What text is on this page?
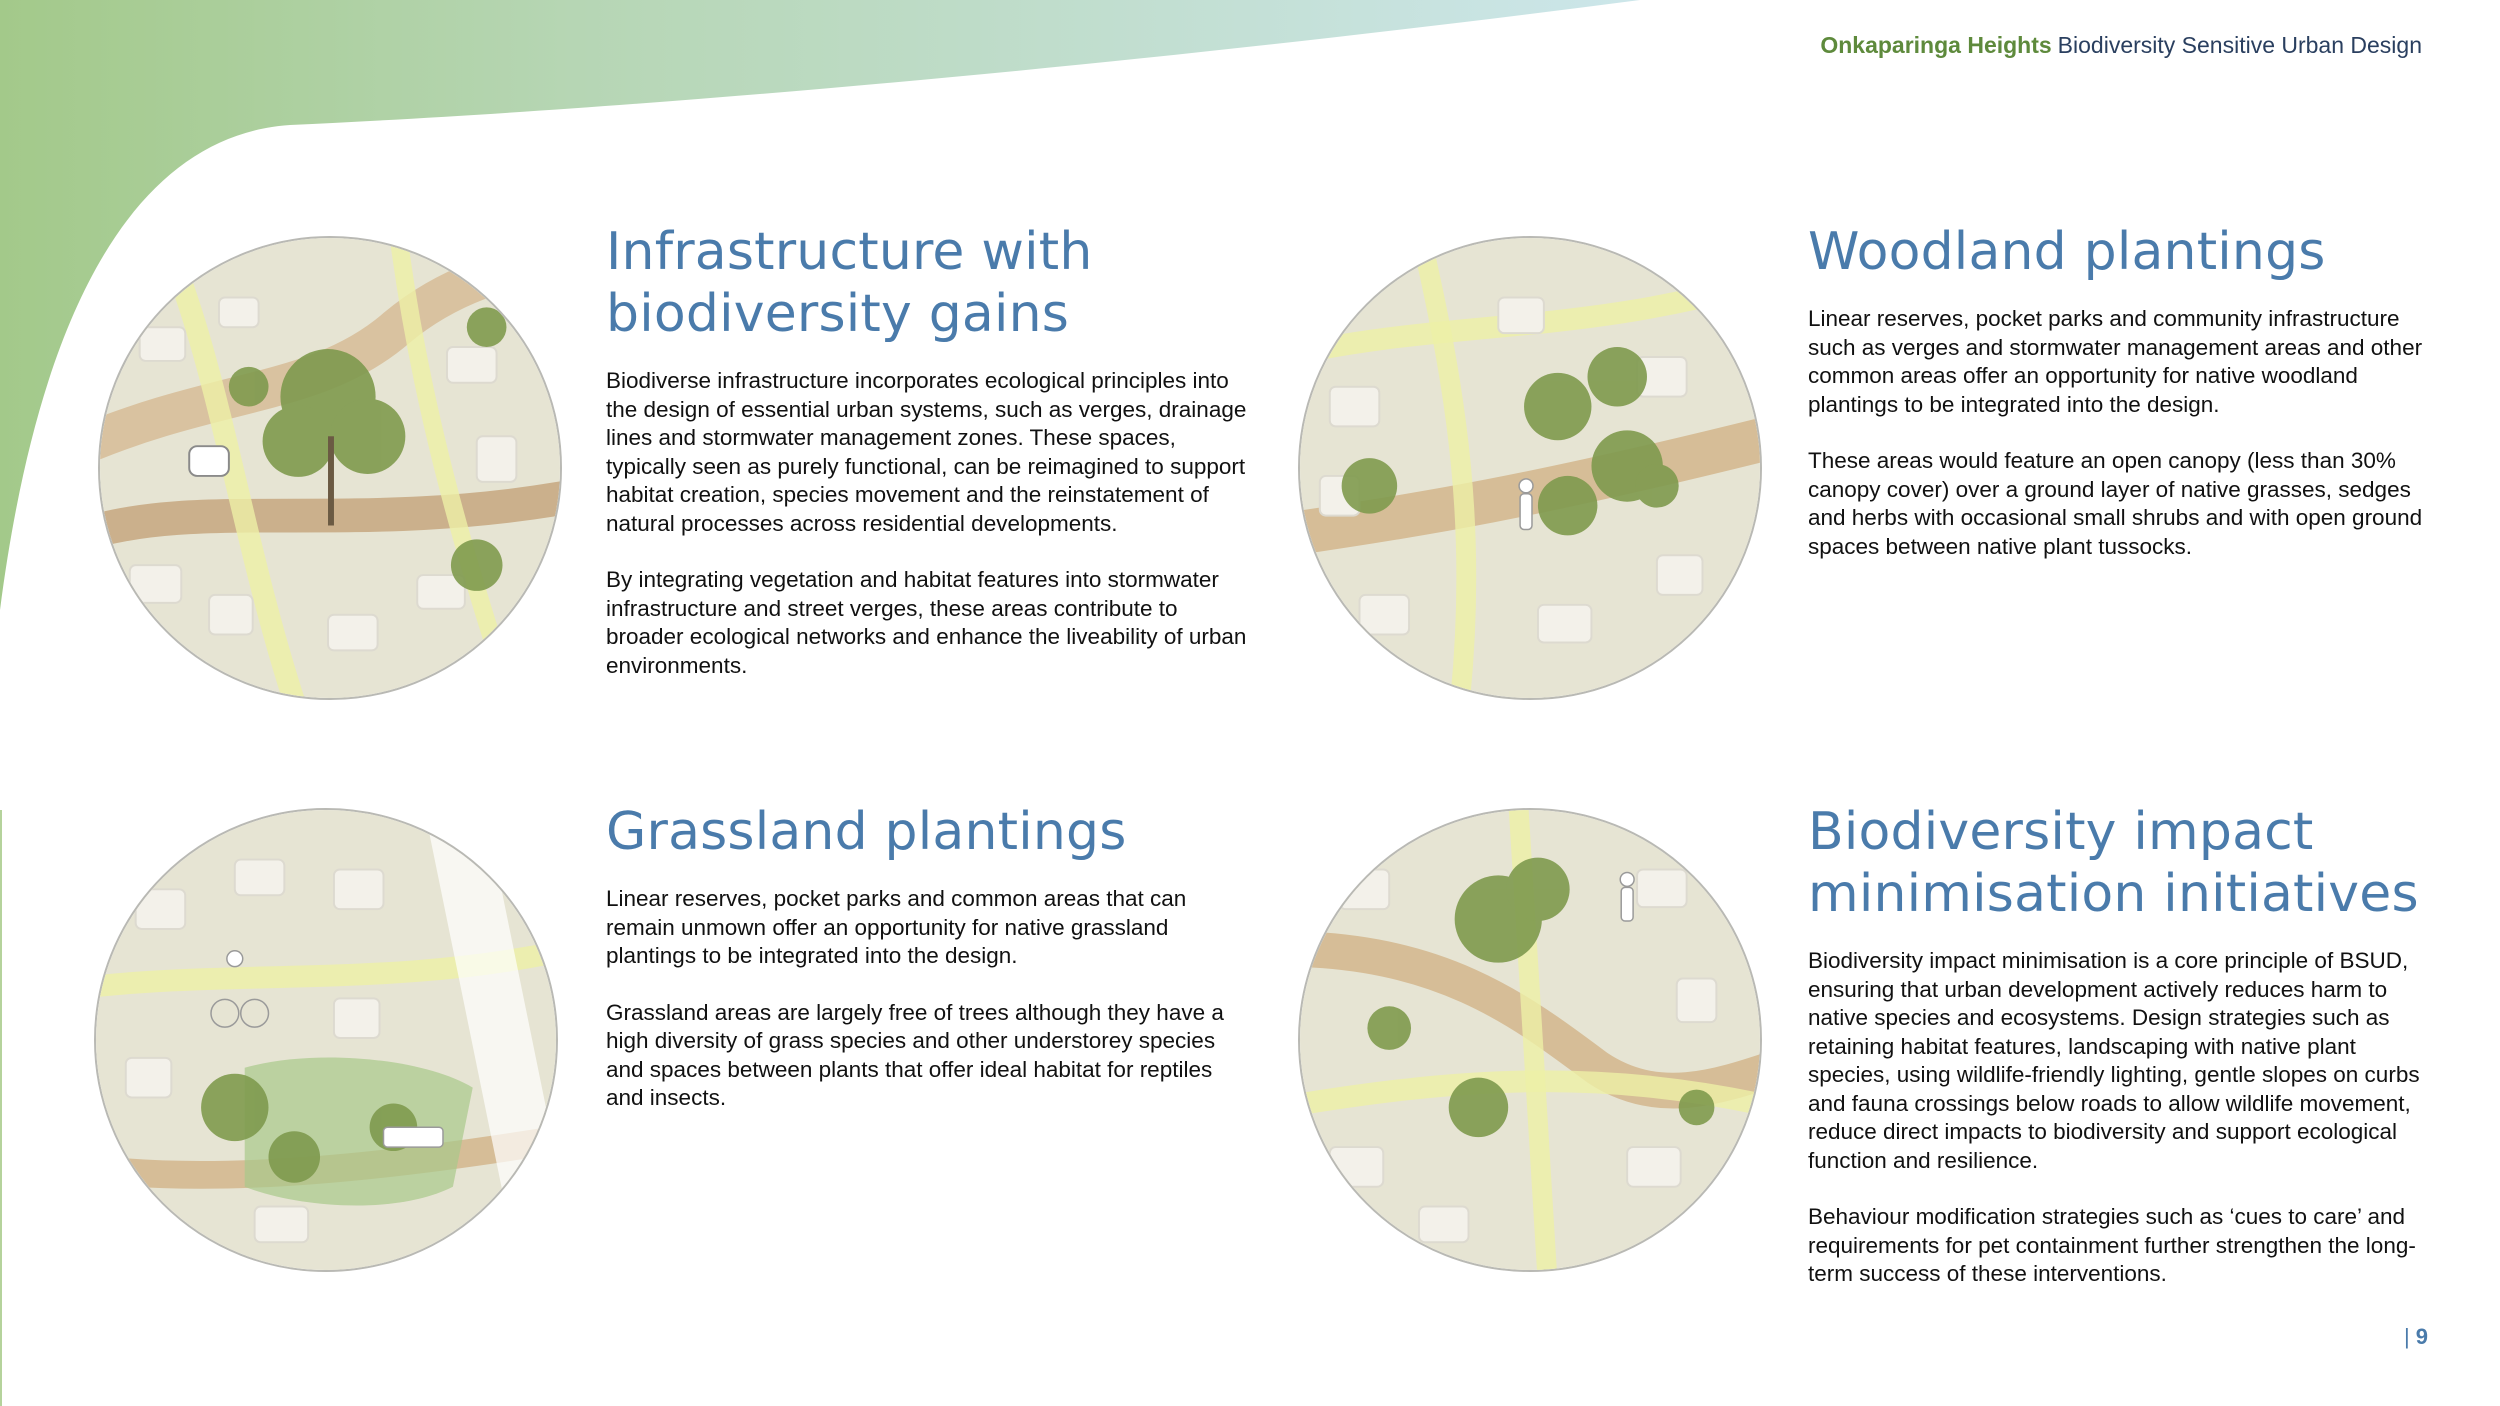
Onkaparinga Heights Biodiversity Sensitive Urban Design
Infrastructure with
biodiversity gains

Biodiverse infrastructure incorporates ecological principles into the design of essential urban systems, such as verges, drainage lines and stormwater management zones. These spaces, typically seen as purely functional, can be reimagined to support habitat creation, species movement and the reinstatement of natural processes across residential developments.

By integrating vegetation and habitat features into stormwater infrastructure and street verges, these areas contribute to broader ecological networks and enhance the liveability of urban environments.

Woodland plantings

Linear reserves, pocket parks and community infrastructure such as verges and stormwater management areas and other common areas offer an opportunity for native woodland plantings to be integrated into the design.

These areas would feature an open canopy (less than 30% canopy cover) over a ground layer of native grasses, sedges and herbs with occasional small shrubs and with open ground spaces between native plant tussocks.

Grassland plantings

Linear reserves, pocket parks and common areas that can remain unmown offer an opportunity for native grassland plantings to be integrated into the design.

Grassland areas are largely free of trees although they have a high diversity of grass species and other understorey species and spaces between plants that offer ideal habitat for reptiles and insects.

Biodiversity impact
minimisation initiatives

Biodiversity impact minimisation is a core principle of BSUD, ensuring that urban development actively reduces harm to native species and ecosystems. Design strategies such as retaining habitat features, landscaping with native plant species, using wildlife-friendly lighting, gentle slopes on curbs and fauna crossings below roads to allow wildlife movement, reduce direct impacts to biodiversity and support ecological function and resilience.

Behaviour modification strategies such as ‘cues to care’ and requirements for pet containment further strengthen the long-term success of these interventions.

| 9
